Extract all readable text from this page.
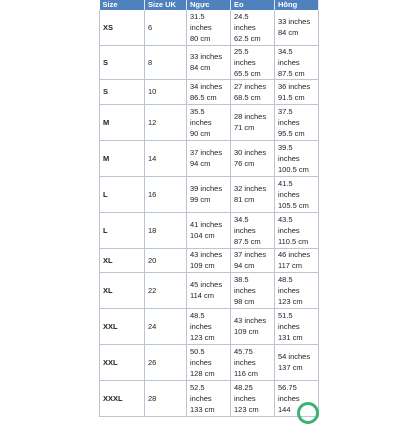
Size	Size UK	Ngực	Eo	Hông
XS	6	31.5
inches
80 cm	24.5
inches
62.5 cm	33 inches
84 cm

S	8	33 inches
84 cm	25.5
inches
65.5 cm	34.5
inches
87.5 cm

S	10	34 inches
86.5 cm	27 inches
68.5 cm	36 inches
91.5 cm

M	12	35.5
inches
90 cm	28 inches
71 cm	37.5
inches
95.5 cm

M	14	37 inches
94 cm	30 inches
76 cm	39.5
inches
100.5 cm

L	16	39 inches
99 cm	32 inches
81 cm	41.5
inches
105.5 cm

L	18	41 inches
104 cm	34.5
inches
87.5 cm	43.5
inches
110.5 cm

XL	20	43 inches
109 cm	37 inches
94 cm	46 inches
117 cm

XL	22	45 inches
114 cm	38.5
inches
98 cm	48.5
inches
123 cm

XXL	24	48.5
inches
123 cm	43 inches
109 cm	51.5
inches
131 cm

XXL	26	50.5
inches
128 cm	45.75
inches
116 cm	54 inches
137 cm

XXXL	28	52.5
inches
133 cm	48.25
inches
123 cm	56.75
inches
144
